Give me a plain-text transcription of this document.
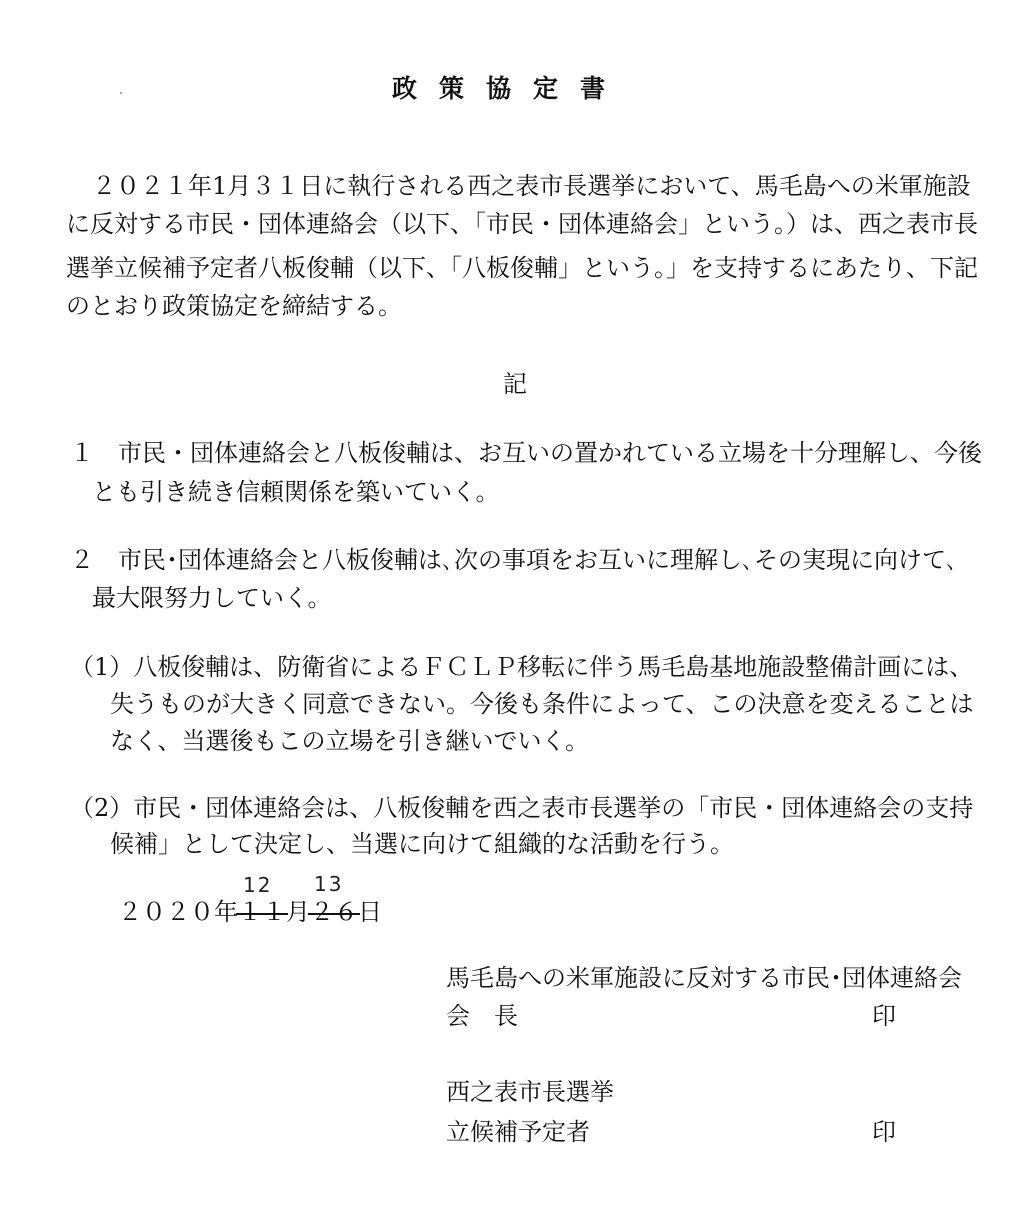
政策協定書

２０２１年1月３１日に執行される西之表市長選挙において、馬毛島への米軍施設

に反対する市民・団体連絡会（以下、「市民・団体連絡会」という。）は、西之表市長

選挙立候補予定者八板俊輔（以下、「八板俊輔」という。」を支持するにあたり、下記

のとおり政策協定を締結する。

記

１　市民・団体連絡会と八板俊輔は、お互いの置かれている立場を十分理解し、今後

とも引き続き信頼関係を築いていく。

２　市民･団体連絡会と八板俊輔は､次の事項をお互いに理解し､その実現に向けて､

最大限努力していく。

（1）八板俊輔は、防衛省によるＦＣＬＰ移転に伴う馬毛島基地施設整備計画には、

失うものが大きく同意できない。今後も条件によって、この決意を変えることは

なく、当選後もこの立場を引き継いでいく。

（2）市民・団体連絡会は、八板俊輔を西之表市長選挙の「市民・団体連絡会の支持

候補」として決定し、当選に向けて組織的な活動を行う。

12 13

２０２０年１１月２６日

馬毛島への米軍施設に反対する市民･団体連絡会

会　長	印

西之表市長選挙

立候補予定者	印
